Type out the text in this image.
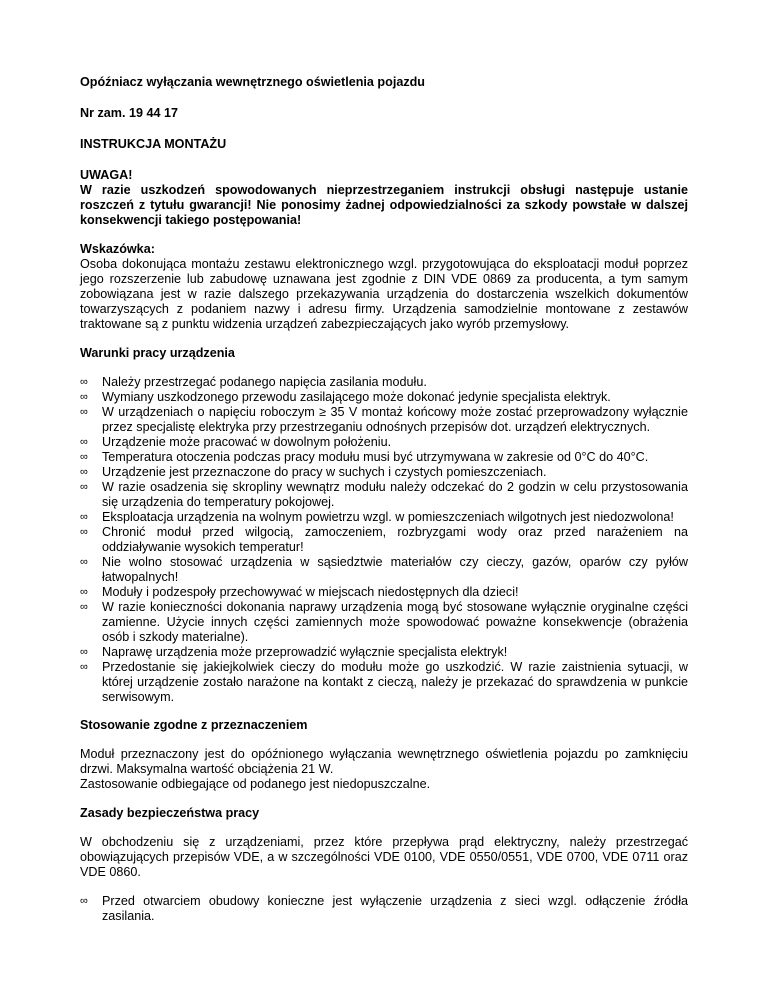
Opóźniacz wyłączania wewnętrznego oświetlenia pojazdu

Nr zam. 19 44 17

INSTRUKCJA MONTAŻU

UWAGA!

W razie uszkodzeń spowodowanych nieprzestrzeganiem instrukcji obsługi następuje ustanie roszczeń z tytułu gwarancji! Nie ponosimy żadnej odpowiedzialności za szkody powstałe w dalszej konsekwencji takiego postępowania!

Wskazówka:

Osoba dokonująca montażu zestawu elektronicznego wzgl. przygotowująca do eksploatacji moduł poprzez jego rozszerzenie lub zabudowę uznawana jest zgodnie z DIN VDE 0869 za producenta, a tym samym zobowiązana jest w razie dalszego przekazywania urządzenia do dostarczenia wszelkich dokumentów towarzyszących z podaniem nazwy i adresu firmy. Urządzenia samodzielnie montowane z zestawów traktowane są z punktu widzenia urządzeń zabezpieczających jako wyrób przemysłowy.

Warunki pracy urządzenia

∞	Należy przestrzegać podanego napięcia zasilania modułu.
∞	Wymiany uszkodzonego przewodu zasilającego może dokonać jedynie specjalista elektryk.
∞	W urządzeniach o napięciu roboczym ≥ 35 V montaż końcowy może zostać przeprowadzony wyłącznie przez specjalistę elektryka przy przestrzeganiu odnośnych przepisów dot. urządzeń elektrycznych.
∞	Urządzenie może pracować w dowolnym położeniu.
∞	Temperatura otoczenia podczas pracy modułu musi być utrzymywana w zakresie od 0°C do 40°C.
∞	Urządzenie jest przeznaczone do pracy w suchych i czystych pomieszczeniach.
∞	W razie osadzenia się skropliny wewnątrz modułu należy odczekać do 2 godzin w celu przystosowania się urządzenia do temperatury pokojowej.
∞	Eksploatacja urządzenia na wolnym powietrzu wzgl. w pomieszczeniach wilgotnych jest niedozwolona!
∞	Chronić moduł przed wilgocią, zamoczeniem, rozbryzgami wody oraz przed narażeniem na oddziaływanie wysokich temperatur!
∞	Nie wolno stosować urządzenia w sąsiedztwie materiałów czy cieczy, gazów, oparów czy pyłów łatwopalnych!
∞	Moduły i podzespoły przechowywać w miejscach niedostępnych dla dzieci!
∞	W razie konieczności dokonania naprawy urządzenia mogą być stosowane wyłącznie oryginalne części zamienne. Użycie innych części zamiennych może spowodować poważne konsekwencje (obrażenia osób i szkody materialne).
∞	Naprawę urządzenia może przeprowadzić wyłącznie specjalista elektryk!
∞	Przedostanie się jakiejkolwiek cieczy do modułu może go uszkodzić. W razie zaistnienia sytuacji, w której urządzenie zostało narażone na kontakt z cieczą, należy je przekazać do sprawdzenia w punkcie serwisowym.

Stosowanie zgodne z przeznaczeniem

Moduł przeznaczony jest do opóźnionego wyłączania wewnętrznego oświetlenia pojazdu po zamknięciu drzwi. Maksymalna wartość obciążenia 21 W.

Zastosowanie odbiegające od podanego jest niedopuszczalne.

Zasady bezpieczeństwa pracy

W obchodzeniu się z urządzeniami, przez które przepływa prąd elektryczny, należy przestrzegać obowiązujących przepisów VDE, a w szczególności VDE 0100, VDE 0550/0551, VDE 0700, VDE 0711 oraz VDE 0860.

∞	Przed otwarciem obudowy konieczne jest wyłączenie urządzenia z sieci wzgl. odłączenie źródła zasilania.
